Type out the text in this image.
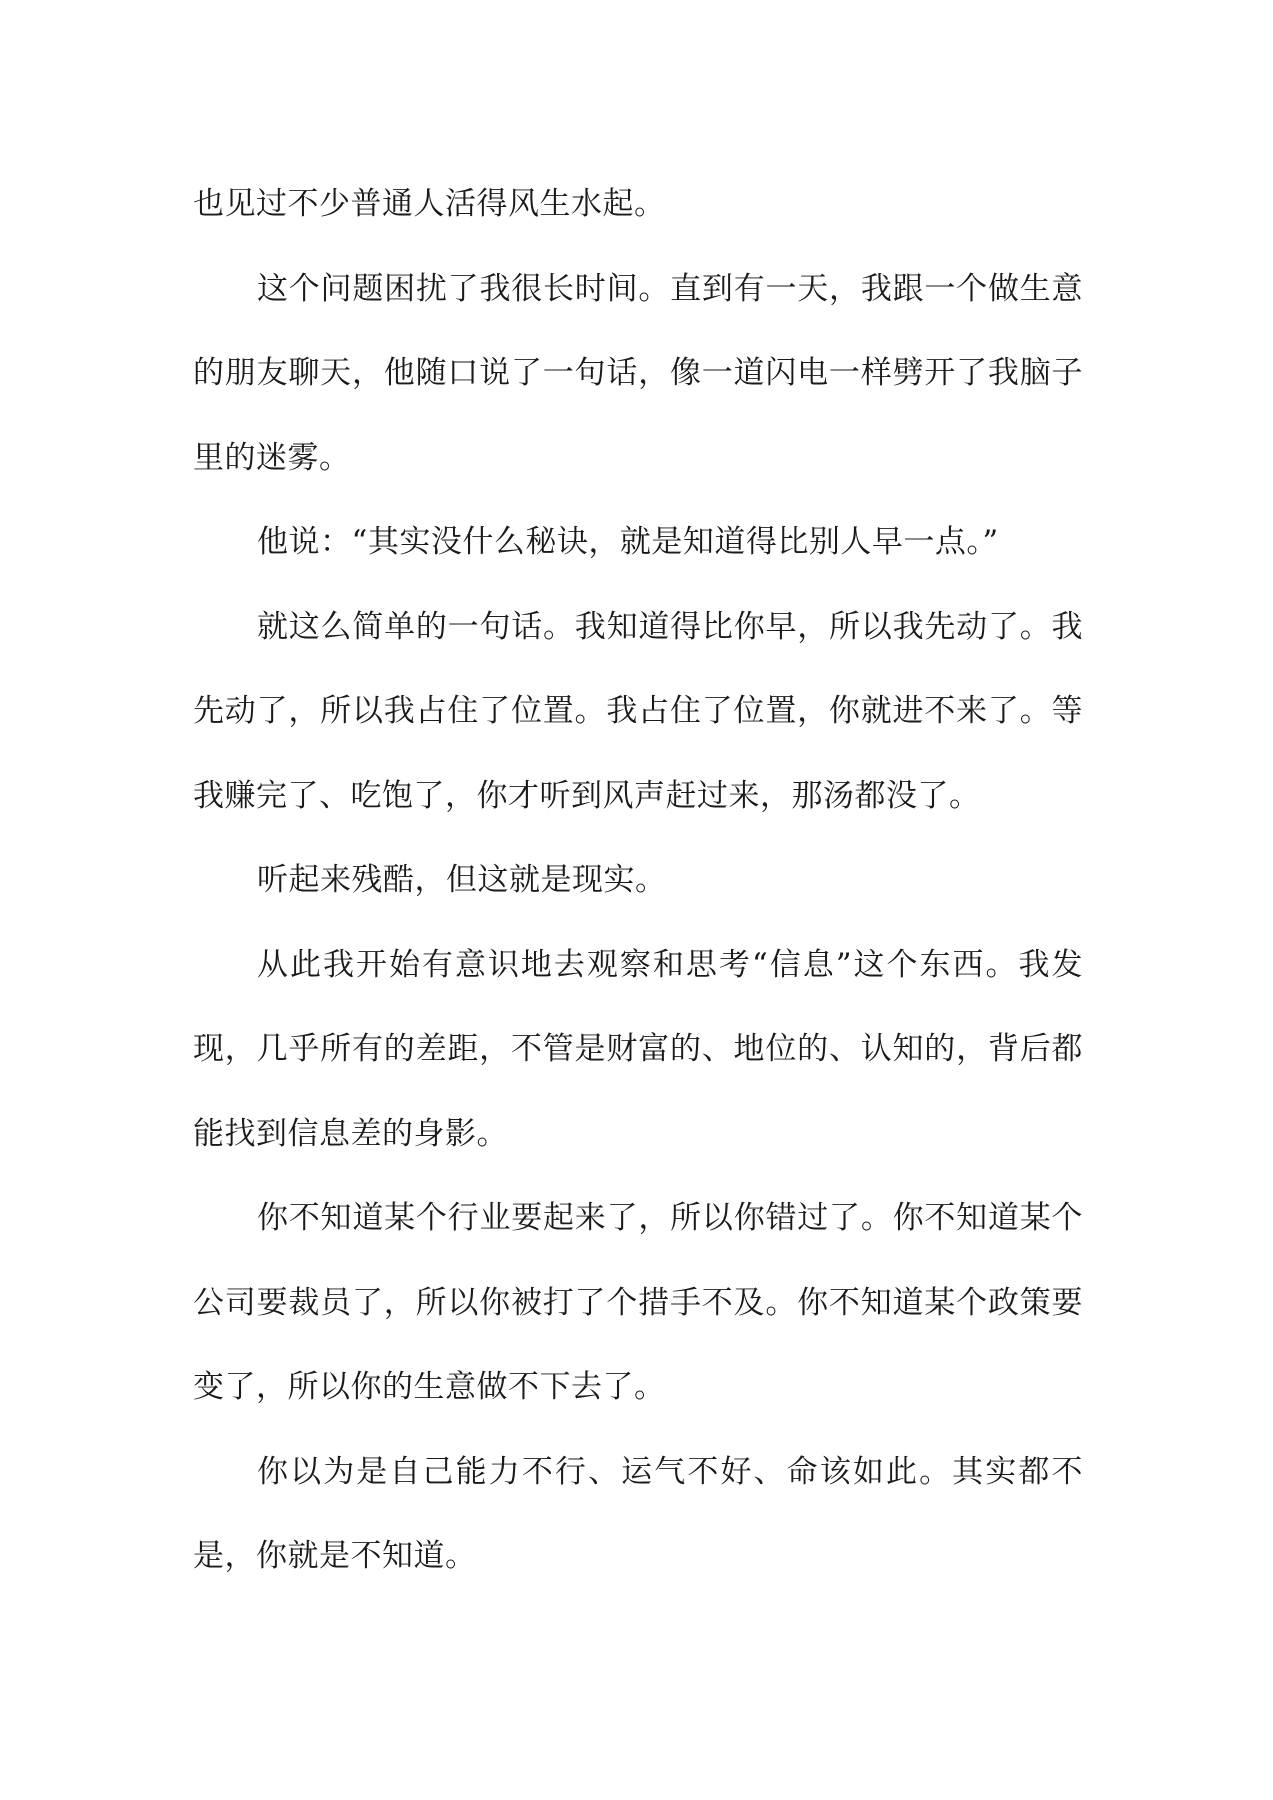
也见过不少普通人活得风生水起。

这个问题困扰了我很长时间。直到有一天，我跟一个做生意的朋友聊天，他随口说了一句话，像一道闪电一样劈开了我脑子里的迷雾。

他说：“其实没什么秘诀，就是知道得比别人早一点。”

就这么简单的一句话。我知道得比你早，所以我先动了。我先动了，所以我占住了位置。我占住了位置，你就进不来了。等我赚完了、吃饱了，你才听到风声赶过来，那汤都没了。

听起来残酷，但这就是现实。

从此我开始有意识地去观察和思考“信息”这个东西。我发现，几乎所有的差距，不管是财富的、地位的、认知的，背后都能找到信息差的身影。

你不知道某个行业要起来了，所以你错过了。你不知道某个公司要裁员了，所以你被打了个措手不及。你不知道某个政策要变了，所以你的生意做不下去了。

你以为是自己能力不行、运气不好、命该如此。其实都不是，你就是不知道。
